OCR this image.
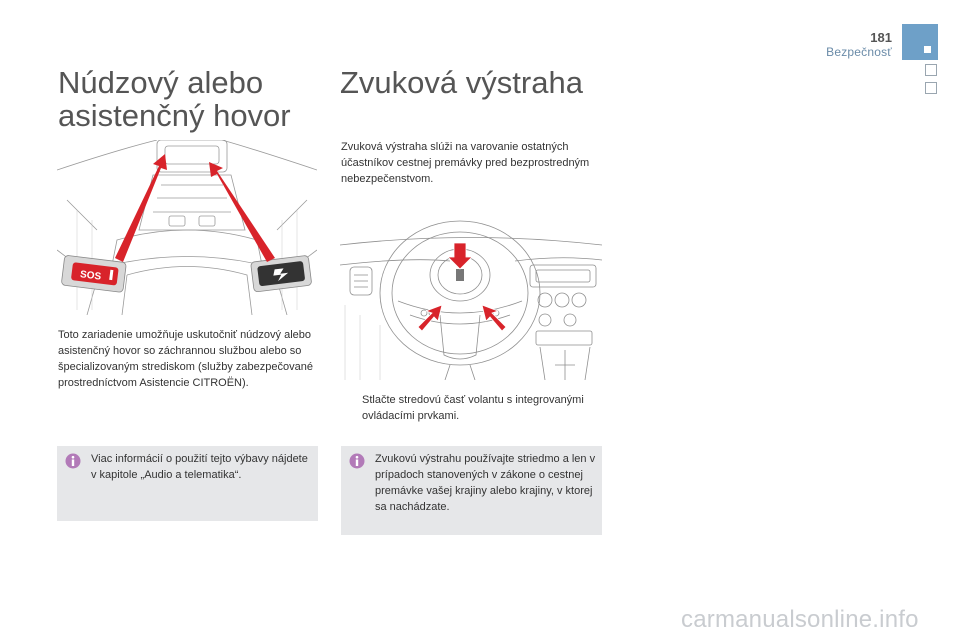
181
Bezpečnosť
Núdzový alebo
asistenčný hovor
SOS

Toto zariadenie umožňuje uskutočniť núdzový alebo asistenčný hovor so záchrannou službou alebo so špecializovaným strediskom (služby zabezpečované prostredníctvom Asistencie CITROËN).

Viac informácií o použití tejto výbavy nájdete v kapitole „Audio a telematika“.
Zvuková výstraha

Zvuková výstraha slúži na varovanie ostatných účastníkov cestnej premávky pred bezprostredným nebezpečenstvom.

Stlačte stredovú časť volantu s integrovanými ovládacími prvkami.
Zvukovú výstrahu používajte striedmo a len v prípadoch stanovených v zákone o cestnej premávke vašej krajiny alebo krajiny, v ktorej sa nachádzate.
carmanualsonline.info
